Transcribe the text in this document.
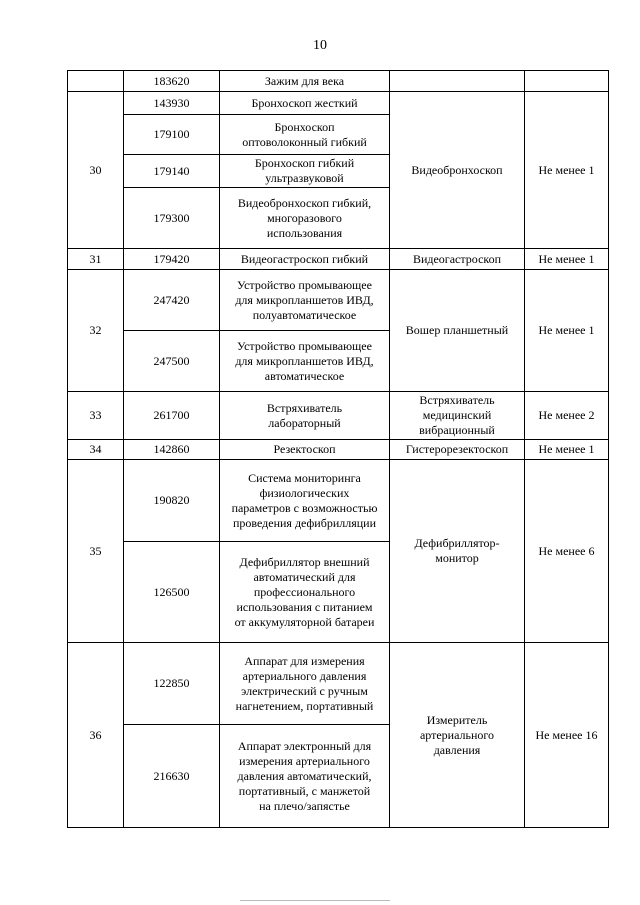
10
	183620	Зажим для века		
30	143930	Бронхоскоп жесткий	Видеобронхоскоп	Не менее 1
	179100	Бронхоскоп
оптоволоконный гибкий		
	179140	Бронхоскоп гибкий
ультразвуковой		
	179300	Видеобронхоскоп гибкий,
многоразового
использования		
31	179420	Видеогастроскоп гибкий	Видеогастроскоп	Не менее 1
32	247420	Устройство промывающее
для микропланшетов ИВД,
полуавтоматическое	Вошер планшетный	Не менее 1
	247500	Устройство промывающее
для микропланшетов ИВД,
автоматическое		
33	261700	Встряхиватель
лабораторный	Встряхиватель
медицинский
вибрационный	Не менее 2
34	142860	Резектоскоп	Гистерорезектоскоп	Не менее 1
35	190820	Система мониторинга
физиологических
параметров с возможностью
проведения дефибрилляции	Дефибриллятор-
монитор	Не менее 6
	126500	Дефибриллятор внешний
автоматический для
профессионального
использования с питанием
от аккумуляторной батареи		
36	122850	Аппарат для измерения
артериального давления
электрический с ручным
нагнетением, портативный	Измеритель
артериального
давления	Не менее 16
	216630	Аппарат электронный для
измерения артериального
давления автоматический,
портативный, с манжетой
на плечо/запястье		
